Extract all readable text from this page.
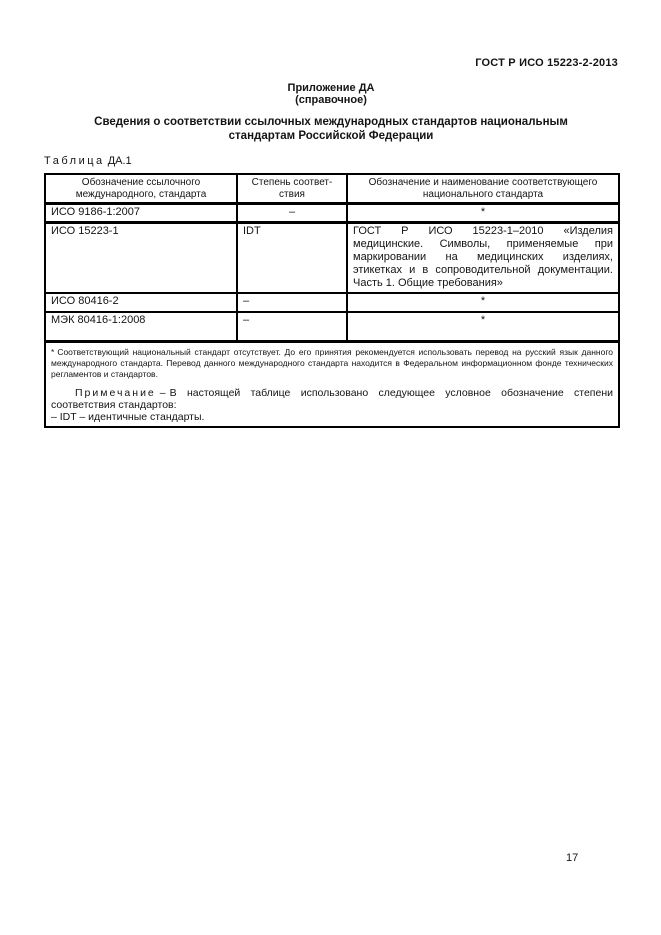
ГОСТ Р ИСО 15223-2-2013
Приложение ДА
(справочное)
Сведения о соответствии ссылочных международных стандартов национальным стандартам Российской Федерации
Таблица ДА.1
Обозначение ссылочного международного, стандарта	Степень соответ-ствия	Обозначение и наименование соответствующего национального стандарта
ИСО 9186-1:2007	–	*
ИСО 15223-1	IDT	ГОСТ Р ИСО 15223-1–2010 «Изделия медицинские. Символы, применяемые при маркировании на медицинских изделиях, этикетках и в сопроводительной документации. Часть 1. Общие требования»
ИСО 80416-2	–	*
МЭК 80416-1:2008	–	*

* Соответствующий национальный стандарт отсутствует. До его принятия рекомендуется использовать перевод на русский язык данного международного стандарта. Перевод данного международного стандарта находится в Федеральном информационном фонде технических регламентов и стандартов.

Примечание – В настоящей таблице использовано следующее условное обозначение степени соответствия стандартов:

– IDT – идентичные стандарты.		

17
